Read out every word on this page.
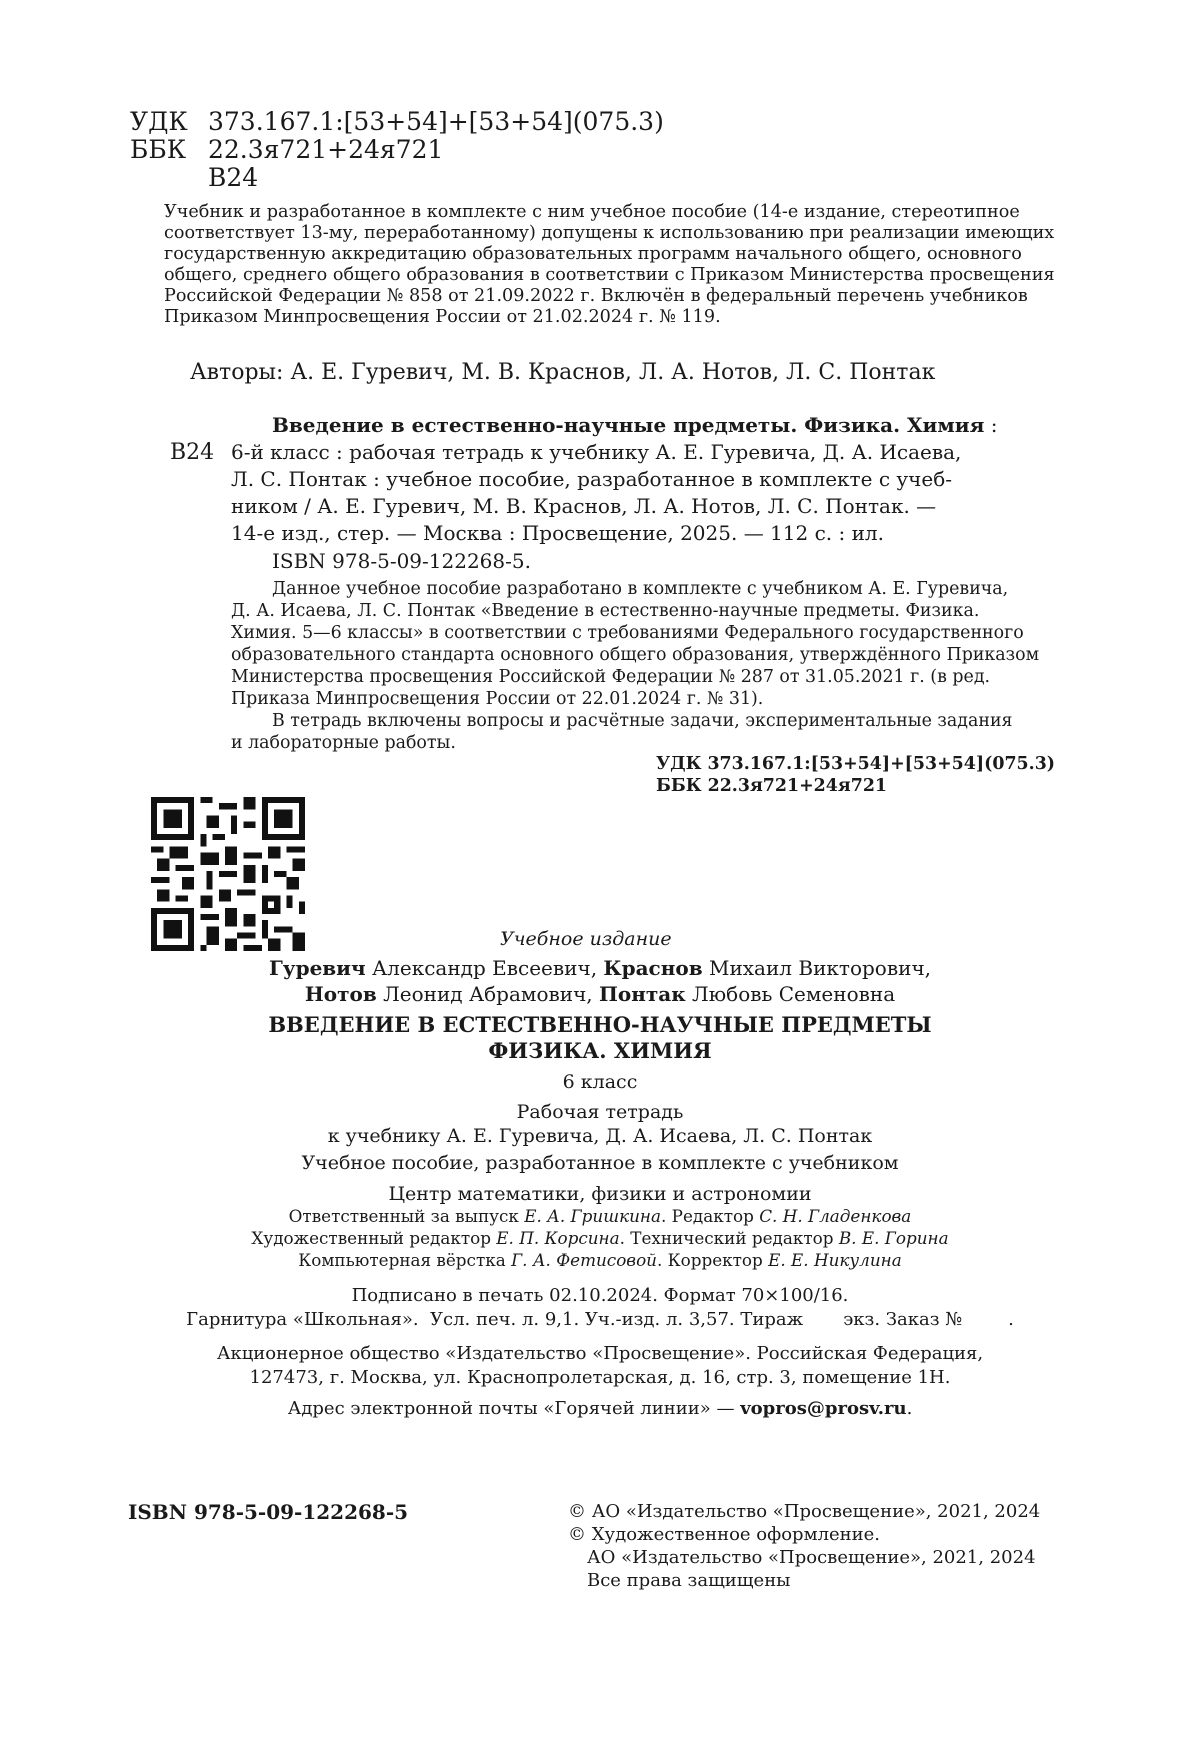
УДК 373.167.1:[53+54]+[53+54](075.3)
ББК 22.3я721+24я721
В24
Учебник и разработанное в комплекте с ним учебное пособие (14-е издание, стереотипное
соответствует 13-му, переработанному) допущены к использованию при реализации имеющих
государственную аккредитацию образовательных программ начального общего, основного
общего, среднего общего образования в соответствии с Приказом Министерства просвещения
Российской Федерации № 858 от 21.09.2022 г. Включён в федеральный перечень учебников
Приказом Минпросвещения России от 21.02.2024 г. № 119.
Авторы: А. Е. Гуревич, М. В. Краснов, Л. А. Нотов, Л. С. Понтак
В24
Введение в естественно-научные предметы. Физика. Химия :
6-й класс : рабочая тетрадь к учебнику А. Е. Гуревича, Д. А. Исаева,
Л. С. Понтак : учебное пособие, разработанное в комплекте с учеб-
ником / А. Е. Гуревич, М. В. Краснов, Л. А. Нотов, Л. С. Понтак. —
14-е изд., стер. — Москва : Просвещение, 2025. — 112 с. : ил.
ISBN 978-5-09-122268-5.
Данное учебное пособие разработано в комплекте с учебником А. Е. Гуревича,
Д. А. Исаева, Л. С. Понтак «Введение в естественно-научные предметы. Физика.
Химия. 5—6 классы» в соответствии с требованиями Федерального государственного
образовательного стандарта основного общего образования, утверждённого Приказом
Министерства просвещения Российской Федерации № 287 от 31.05.2021 г. (в ред.
Приказа Минпросвещения России от 22.01.2024 г. № 31).
В тетрадь включены вопросы и расчётные задачи, экспериментальные задания
и лабораторные работы.
УДК 373.167.1:[53+54]+[53+54](075.3)
ББК 22.3я721+24я721
Учебное издание
Гуревич Александр Евсеевич, Краснов Михаил Викторович,
Нотов Леонид Абрамович, Понтак Любовь Семеновна
ВВЕДЕНИЕ В ЕСТЕСТВЕННО-НАУЧНЫЕ ПРЕДМЕТЫ
ФИЗИКА. ХИМИЯ
6 класс
Рабочая тетрадь
к учебнику А. Е. Гуревича, Д. А. Исаева, Л. С. Понтак
Учебное пособие, разработанное в комплекте с учебником
Центр математики, физики и астрономии
Ответственный за выпуск Е. А. Гришкина. Редактор С. Н. Гладенкова
Художественный редактор Е. П. Корсина. Технический редактор В. Е. Горина
Компьютерная вёрстка Г. А. Фетисовой. Корректор Е. Е. Никулина
Подписано в печать 02.10.2024. Формат 70×100/16.
Гарнитура «Школьная».  Усл. печ. л. 9,1. Уч.-изд. л. 3,57. Тираж       экз. Заказ №        .
Акционерное общество «Издательство «Просвещение». Российская Федерация,
127473, г. Москва, ул. Краснопролетарская, д. 16, стр. 3, помещение 1Н.
Адрес электронной почты «Горячей линии» — vopros@prosv.ru.
ISBN 978-5-09-122268-5	© АО «Издательство «Просвещение», 2021, 2024
© Художественное оформление.
АО «Издательство «Просвещение», 2021, 2024
Все права защищены
